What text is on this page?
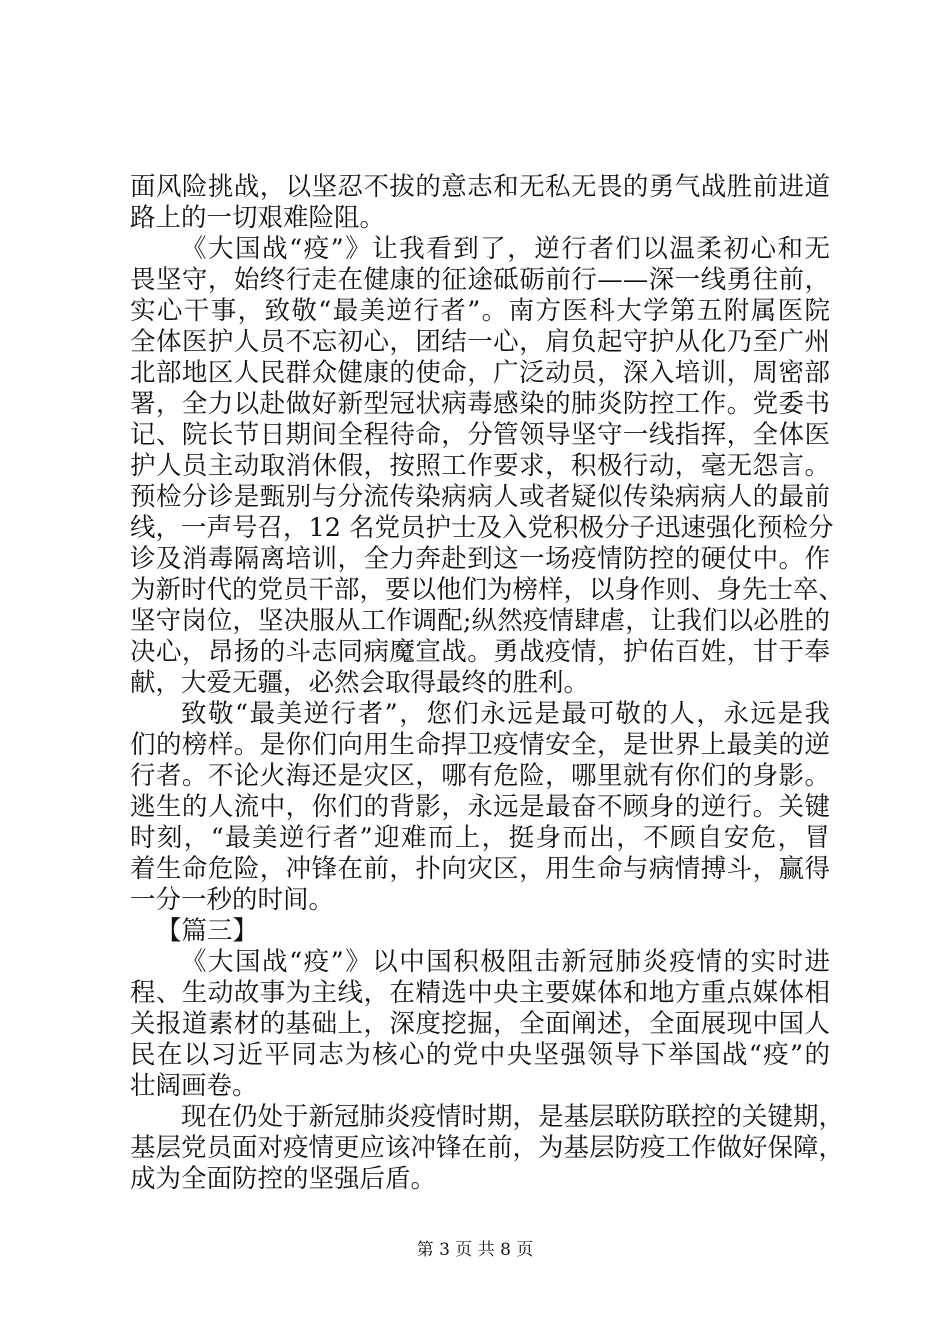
面风险挑战，以坚忍不拔的意志和无私无畏的勇气战胜前进道
路上的一切艰难险阻。
《大国战“疫”》让我看到了，逆行者们以温柔初心和无
畏坚守，始终行走在健康的征途砥砺前行——深一线勇往前，
实心干事，致敬“最美逆行者”。南方医科大学第五附属医院
全体医护人员不忘初心，团结一心，肩负起守护从化乃至广州
北部地区人民群众健康的使命，广泛动员，深入培训，周密部
署，全力以赴做好新型冠状病毒感染的肺炎防控工作。党委书
记、院长节日期间全程待命，分管领导坚守一线指挥，全体医
护人员主动取消休假，按照工作要求，积极行动，毫无怨言。
预检分诊是甄别与分流传染病病人或者疑似传染病病人的最前
线，一声号召，12 名党员护士及入党积极分子迅速强化预检分
诊及消毒隔离培训，全力奔赴到这一场疫情防控的硬仗中。作
为新时代的党员干部，要以他们为榜样，以身作则、身先士卒、
坚守岗位，坚决服从工作调配;纵然疫情肆虐，让我们以必胜的
决心，昂扬的斗志同病魔宣战。勇战疫情，护佑百姓，甘于奉
献，大爱无疆，必然会取得最终的胜利。
致敬“最美逆行者”，您们永远是最可敬的人，永远是我
们的榜样。是你们向用生命捍卫疫情安全，是世界上最美的逆
行者。不论火海还是灾区，哪有危险，哪里就有你们的身影。
逃生的人流中，你们的背影，永远是最奋不顾身的逆行。关键
时刻，“最美逆行者”迎难而上，挺身而出，不顾自安危，冒
着生命危险，冲锋在前，扑向灾区，用生命与病情搏斗，赢得
一分一秒的时间。
【篇三】
《大国战“疫”》以中国积极阻击新冠肺炎疫情的实时进
程、生动故事为主线，在精选中央主要媒体和地方重点媒体相
关报道素材的基础上，深度挖掘，全面阐述，全面展现中国人
民在以习近平同志为核心的党中央坚强领导下举国战“疫”的
壮阔画卷。
现在仍处于新冠肺炎疫情时期，是基层联防联控的关键期，
基层党员面对疫情更应该冲锋在前，为基层防疫工作做好保障，
成为全面防控的坚强后盾。
第 3 页 共 8 页
